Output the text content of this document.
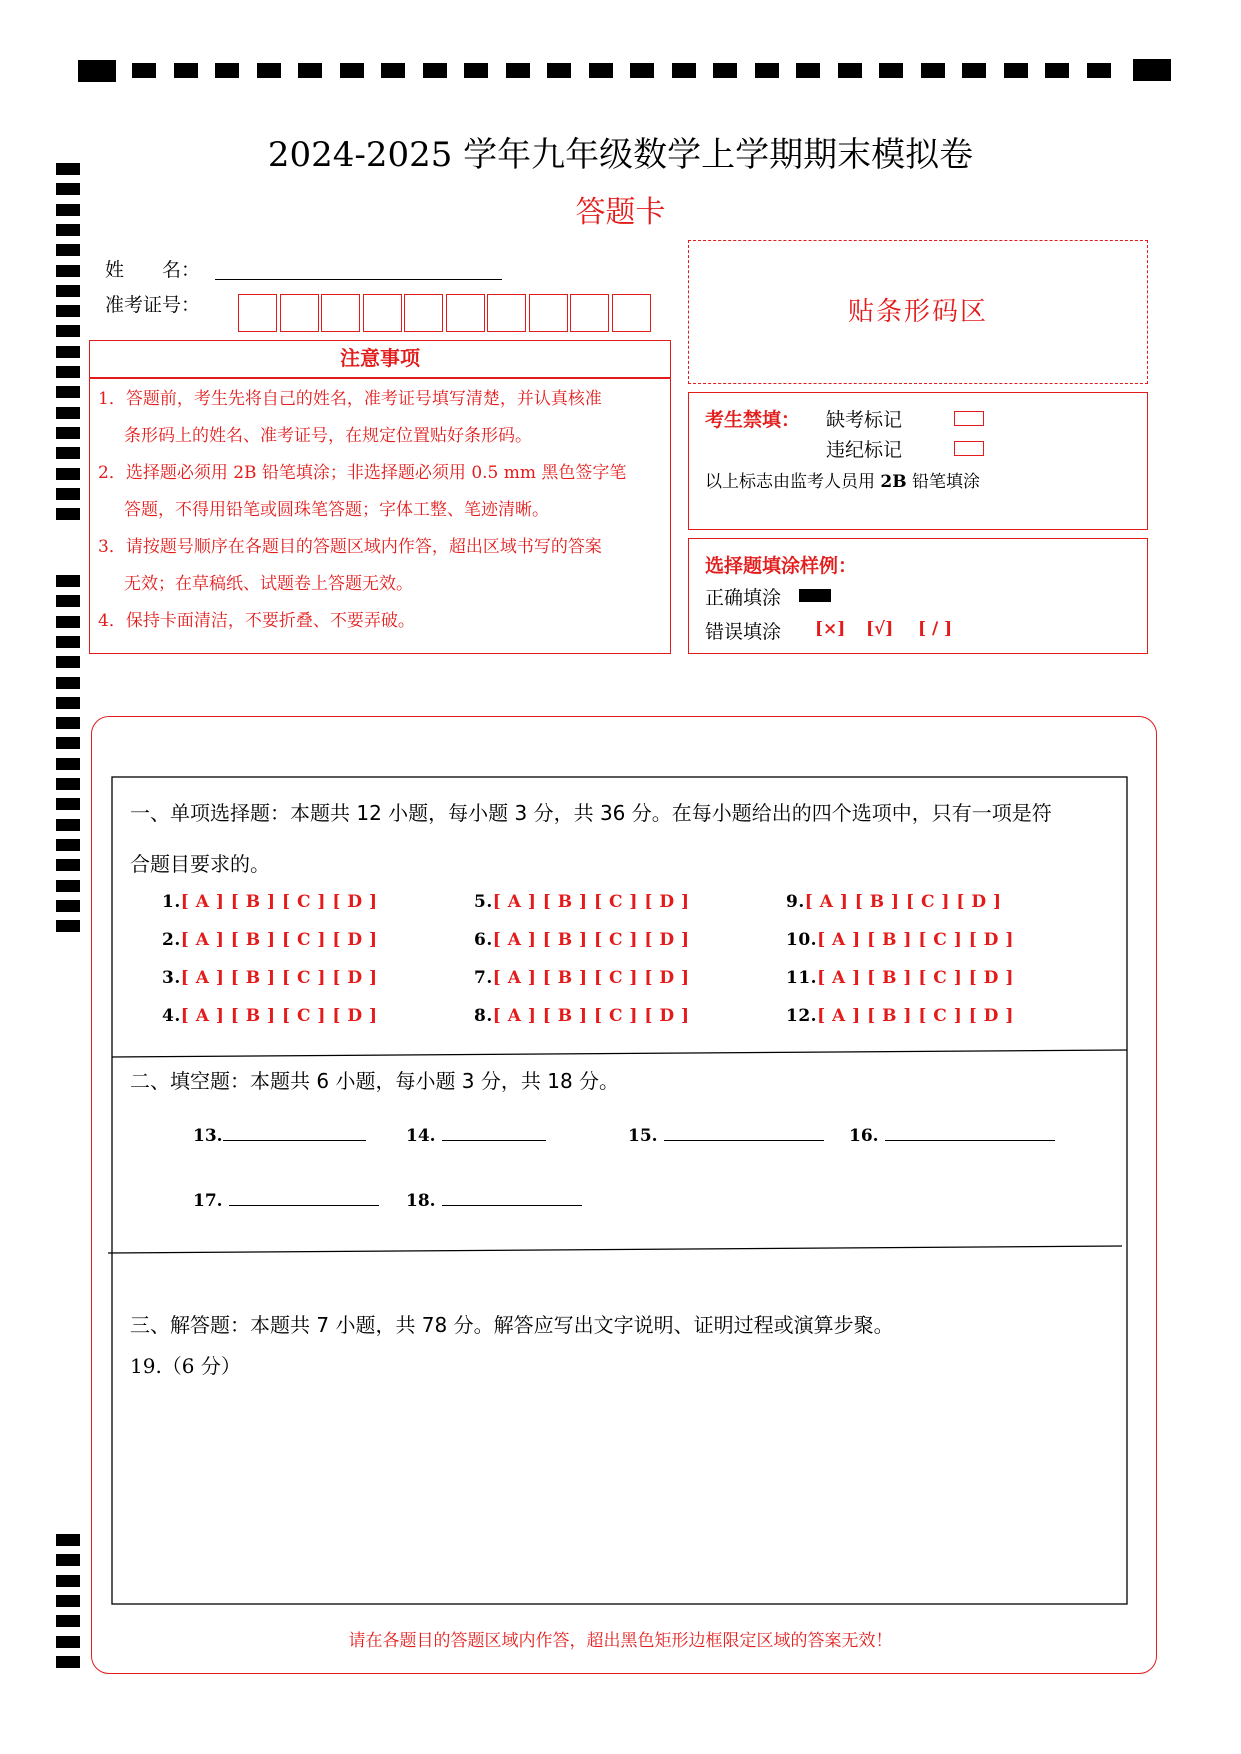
2024-2025 学年九年级数学上学期期末模拟卷
答题卡
姓　　名：
准考证号：
注意事项
1．答题前，考生先将自己的姓名，准考证号填写清楚，并认真核准
条形码上的姓名、准考证号，在规定位置贴好条形码。
2．选择题必须用 2B 铅笔填涂；非选择题必须用 0.5 mm 黑色签字笔
答题，不得用铅笔或圆珠笔答题；字体工整、笔迹清晰。
3．请按题号顺序在各题目的答题区域内作答，超出区域书写的答案
无效；在草稿纸、试题卷上答题无效。
4．保持卡面清洁，不要折叠、不要弄破。
贴条形码区
考生禁填： 缺考标记
违纪标记
以上标志由监考人员用 2B 铅笔填涂
选择题填涂样例：
正确填涂
错误填涂 [×] [√] [ / ]
一、单项选择题：本题共 12 小题，每小题 3 分，共 36 分。在每小题给出的四个选项中，只有一项是符
合题目要求的。
1.[ A ] [ B ] [ C ] [ D ]
2.[ A ] [ B ] [ C ] [ D ]
3.[ A ] [ B ] [ C ] [ D ]
4.[ A ] [ B ] [ C ] [ D ]
5.[ A ] [ B ] [ C ] [ D ]
6.[ A ] [ B ] [ C ] [ D ]
7.[ A ] [ B ] [ C ] [ D ]
8.[ A ] [ B ] [ C ] [ D ]
9.[ A ] [ B ] [ C ] [ D ]
10.[ A ] [ B ] [ C ] [ D ]
11.[ A ] [ B ] [ C ] [ D ]
12.[ A ] [ B ] [ C ] [ D ]
二、填空题：本题共 6 小题，每小题 3 分，共 18 分。
13.	14.	15.	16.
17.	18.
三、解答题：本题共 7 小题，共 78 分。解答应写出文字说明、证明过程或演算步聚。
19.（6 分）
请在各题目的答题区域内作答，超出黑色矩形边框限定区域的答案无效！
